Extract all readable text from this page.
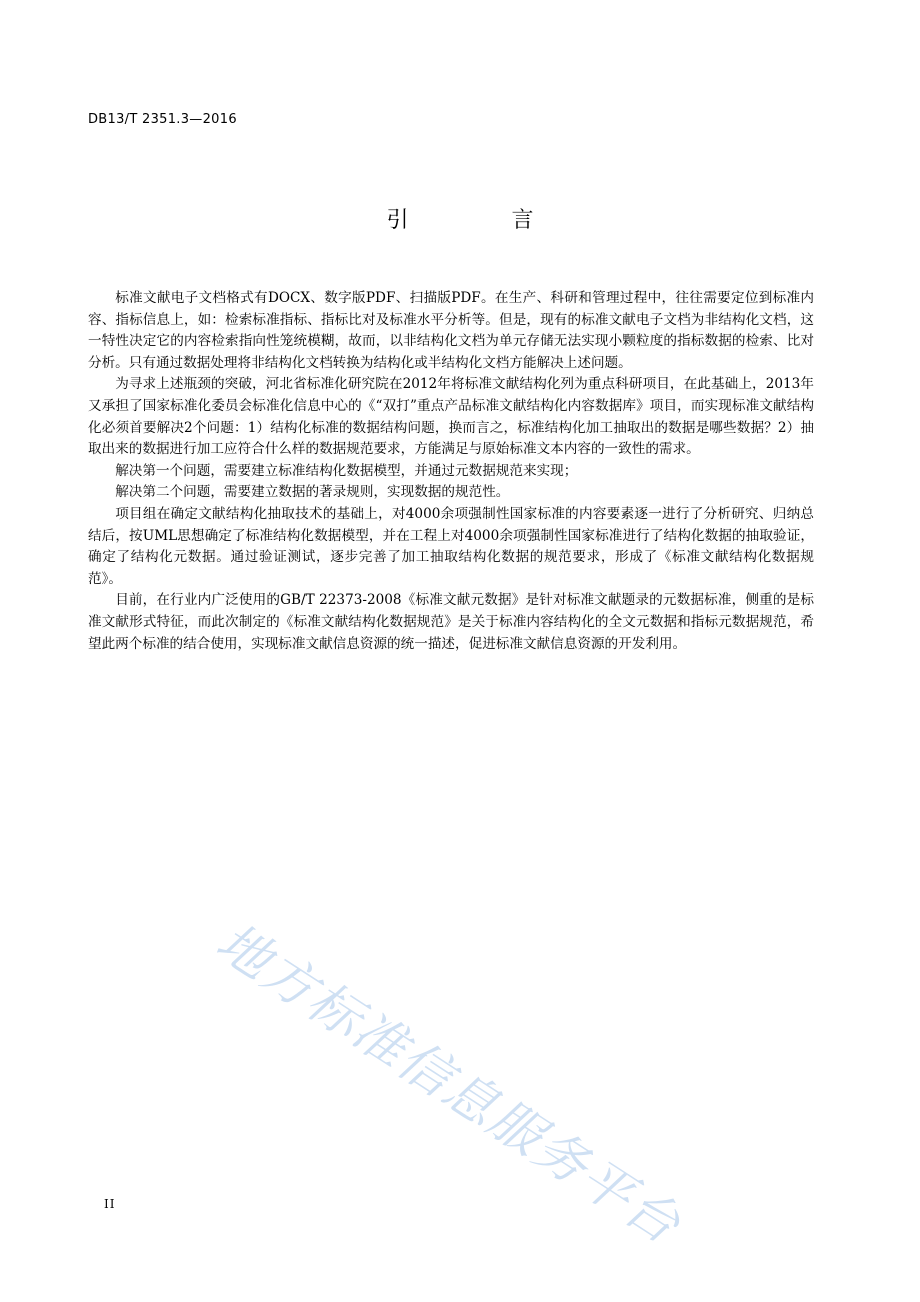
DB13/T 2351.3—2016
引 言

标准文献电子文档格式有DOCX、数字版PDF、扫描版PDF。在生产、科研和管理过程中，往往需要定位到标准内容、指标信息上，如：检索标准指标、指标比对及标准水平分析等。但是，现有的标准文献电子文档为非结构化文档，这一特性决定它的内容检索指向性笼统模糊，故而，以非结构化文档为单元存储无法实现小颗粒度的指标数据的检索、比对分析。只有通过数据处理将非结构化文档转换为结构化或半结构化文档方能解决上述问题。

为寻求上述瓶颈的突破，河北省标准化研究院在2012年将标准文献结构化列为重点科研项目，在此基础上，2013年又承担了国家标准化委员会标准化信息中心的《“双打”重点产品标准文献结构化内容数据库》项目，而实现标准文献结构化必须首要解决2个问题：1）结构化标准的数据结构问题，换而言之，标准结构化加工抽取出的数据是哪些数据？2）抽取出来的数据进行加工应符合什么样的数据规范要求，方能满足与原始标准文本内容的一致性的需求。

解决第一个问题，需要建立标准结构化数据模型，并通过元数据规范来实现；

解决第二个问题，需要建立数据的著录规则，实现数据的规范性。

项目组在确定文献结构化抽取技术的基础上，对4000余项强制性国家标准的内容要素逐一进行了分析研究、归纳总结后，按UML思想确定了标准结构化数据模型，并在工程上对4000余项强制性国家标准进行了结构化数据的抽取验证，确定了结构化元数据。通过验证测试，逐步完善了加工抽取结构化数据的规范要求，形成了《标准文献结构化数据规范》。

目前，在行业内广泛使用的GB/T 22373-2008《标准文献元数据》是针对标准文献题录的元数据标准，侧重的是标准文献形式特征，而此次制定的《标准文献结构化数据规范》是关于标准内容结构化的全文元数据和指标元数据规范，希望此两个标准的结合使用，实现标准文献信息资源的统一描述，促进标准文献信息资源的开发利用。

地方标准信息服务平台
II
